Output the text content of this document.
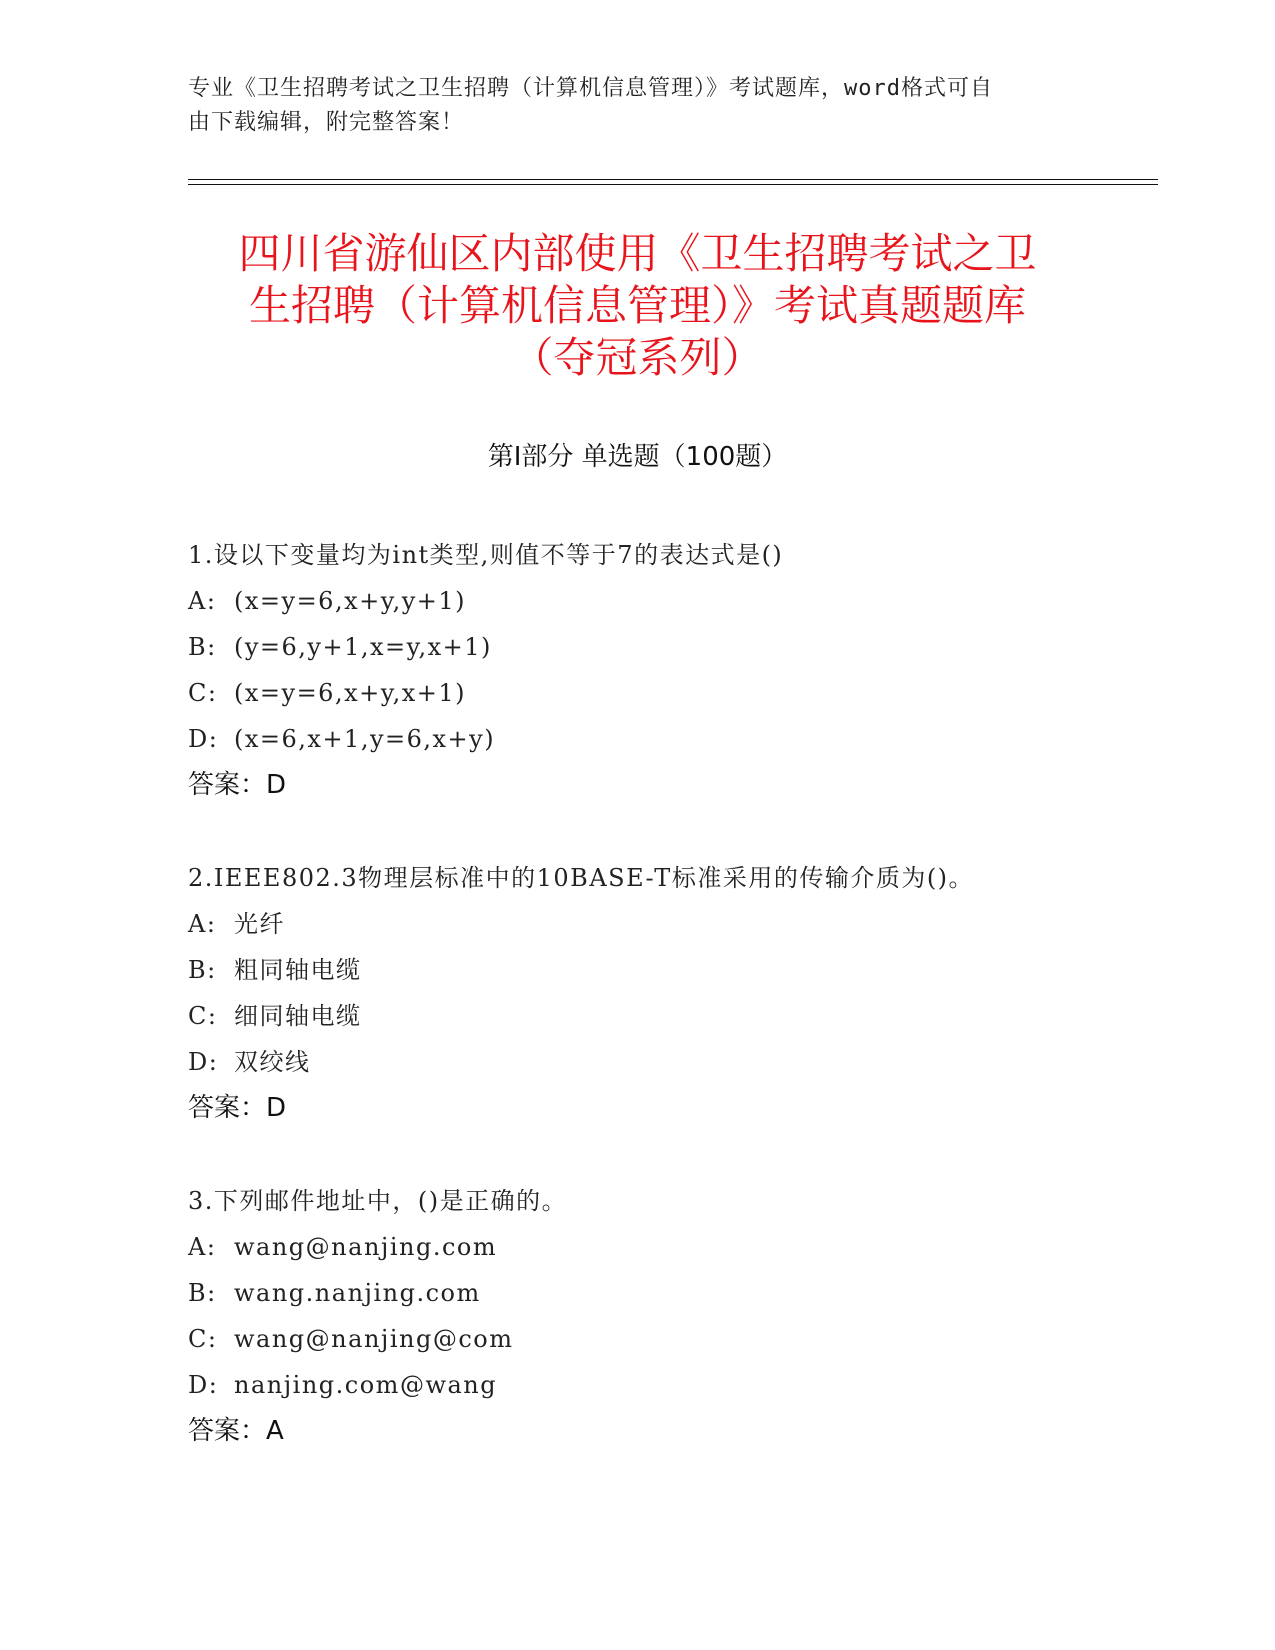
专业《卫生招聘考试之卫生招聘（计算机信息管理）》考试题库，word格式可自
由下载编辑，附完整答案！
四川省游仙区内部使用《卫生招聘考试之卫
生招聘（计算机信息管理）》考试真题题库
（夺冠系列）
第Ⅰ部分 单选题（100题）
1.设以下变量均为int类型,则值不等于7的表达式是()
A: (x=y=6,x+y,y+1)
B: (y=6,y+1,x=y,x+1)
C: (x=y=6,x+y,x+1)
D: (x=6,x+1,y=6,x+y)
答案：D
2.IEEE802.3物理层标准中的10BASE-T标准采用的传输介质为()。
A: 光纤
B: 粗同轴电缆
C: 细同轴电缆
D: 双绞线
答案：D
3.下列邮件地址中，()是正确的。
A: wang@nanjing.com
B: wang.nanjing.com
C: wang@nanjing@com
D: nanjing.com@wang
答案：A
